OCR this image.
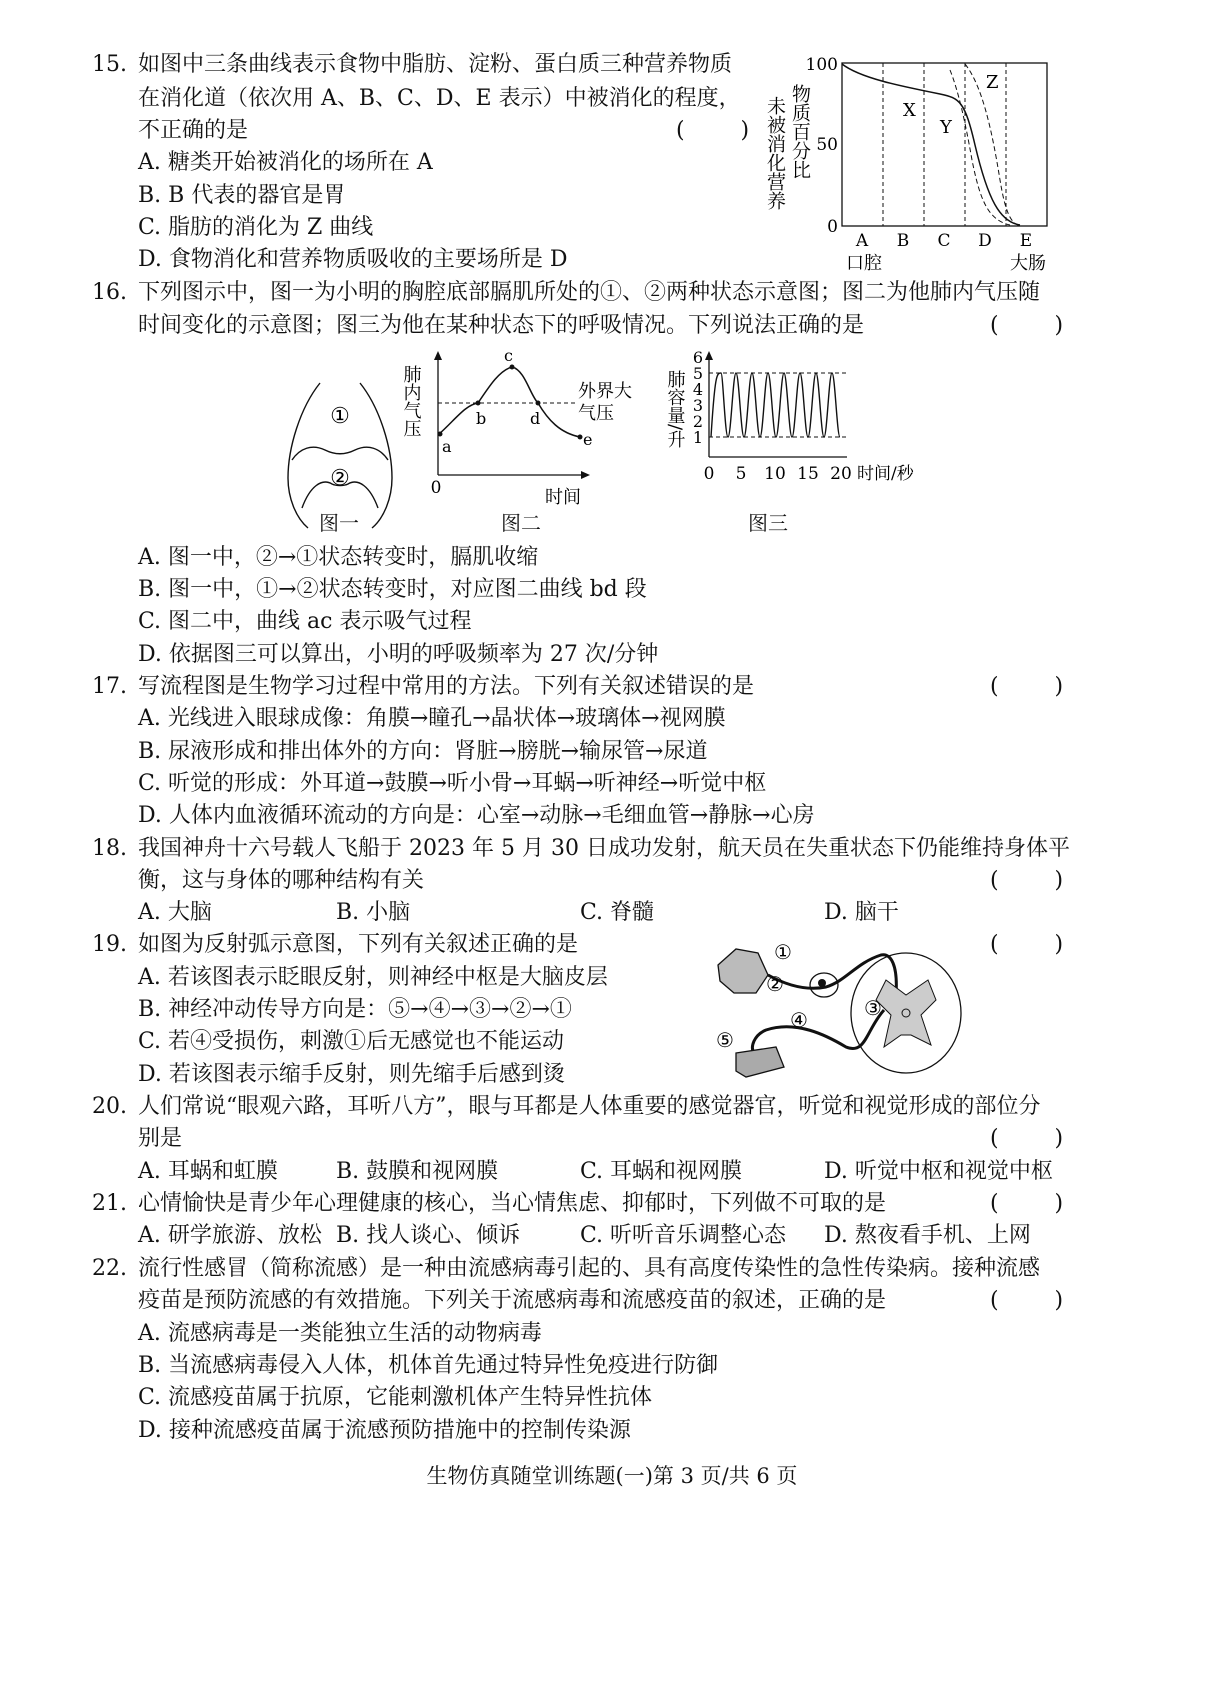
15. 如图中三条曲线表示食物中脂肪、淀粉、蛋白质三种营养物质
在消化道（依次用 A、B、C、D、E 表示）中被消化的程度，
不正确的是	(        )
A. 糖类开始被消化的场所在 A
B. B 代表的器官是胃
C. 脂肪的消化为 Z 曲线
D. 食物消化和营养物质吸收的主要场所是 D
未被消化营养 物质百分比
100
50
0
X
Y
Z
A B C D E
口腔	大肠
16. 下列图示中，图一为小明的胸腔底部膈肌所处的①、②两种状态示意图；图二为他肺内气压随
时间变化的示意图；图三为他在某种状态下的呼吸情况。下列说法正确的是	(        )
①
②
图一
肺内气压
a
b
c
d
e
外界大
气压
0	时间
图二
肺容量/升
6
5
4
3
2
1
0 5 10 15 20 时间/秒
图三
A. 图一中，②→①状态转变时，膈肌收缩
B. 图一中，①→②状态转变时，对应图二曲线 bd 段
C. 图二中，曲线 ac 表示吸气过程
D. 依据图三可以算出，小明的呼吸频率为 27 次/分钟
17. 写流程图是生物学习过程中常用的方法。下列有关叙述错误的是	(        )
A. 光线进入眼球成像：角膜→瞳孔→晶状体→玻璃体→视网膜
B. 尿液形成和排出体外的方向：肾脏→膀胱→输尿管→尿道
C. 听觉的形成：外耳道→鼓膜→听小骨→耳蜗→听神经→听觉中枢
D. 人体内血液循环流动的方向是：心室→动脉→毛细血管→静脉→心房
18. 我国神舟十六号载人飞船于 2023 年 5 月 30 日成功发射，航天员在失重状态下仍能维持身体平
衡，这与身体的哪种结构有关	(        )
A. 大脑	B. 小脑	C. 脊髓	D. 脑干
19. 如图为反射弧示意图，下列有关叙述正确的是	(        )
A. 若该图表示眨眼反射，则神经中枢是大脑皮层
B. 神经冲动传导方向是：⑤→④→③→②→①
C. 若④受损伤，刺激①后无感觉也不能运动
D. 若该图表示缩手反射，则先缩手后感到烫
①
②
③
④
⑤
20. 人们常说“眼观六路，耳听八方”，眼与耳都是人体重要的感觉器官，听觉和视觉形成的部位分
别是	(        )
A. 耳蜗和虹膜	B. 鼓膜和视网膜	C. 耳蜗和视网膜	D. 听觉中枢和视觉中枢
21. 心情愉快是青少年心理健康的核心，当心情焦虑、抑郁时，下列做不可取的是	(        )
A. 研学旅游、放松 B. 找人谈心、倾诉	C. 听听音乐调整心态 D. 熬夜看手机、上网
22. 流行性感冒（简称流感）是一种由流感病毒引起的、具有高度传染性的急性传染病。接种流感
疫苗是预防流感的有效措施。下列关于流感病毒和流感疫苗的叙述，正确的是	(        )
A. 流感病毒是一类能独立生活的动物病毒
B. 当流感病毒侵入人体，机体首先通过特异性免疫进行防御
C. 流感疫苗属于抗原，它能刺激机体产生特异性抗体
D. 接种流感疫苗属于流感预防措施中的控制传染源
生物仿真随堂训练题(一)第 3 页/共 6 页
